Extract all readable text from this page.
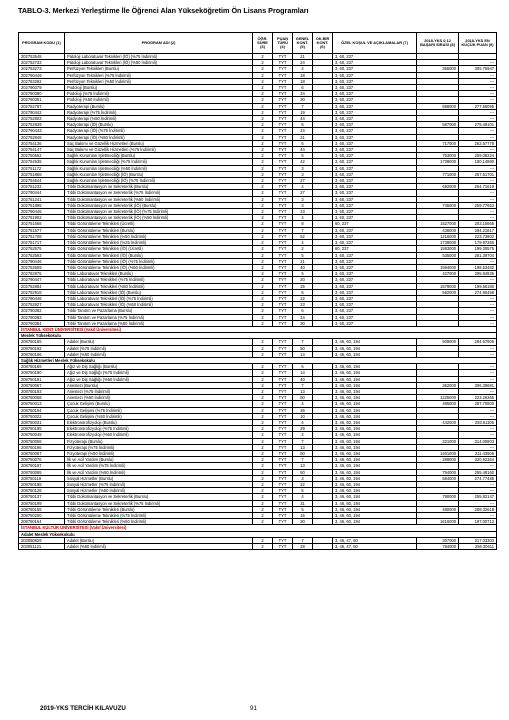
TABLO-3. Merkezi Yerleştirme İle Öğrenci Alan Yükseköğretim Ön Lisans Programları
PROGRAM KODU (1)	PROGRAM ADI (2)	ÖĞR. SÜRE (3)	PUAN TÜRÜ (4)	GENEL KONT. (5)	OK.BİR KONT. (6)	ÖZEL KOŞUL VE AÇIKLAMALAR (7)	2018-YKS 0,12 BAŞARI SIRASI (8)	2018-YKS EN KÜÇÜK PUAN (9)
202753548	Patoloji Laboratuvar Teknikleri (İÖ) (%75 İndirimli)	2	TYT	21		3, 60, 237		
202752733	Patoloji Laboratuvar Teknikleri (İÖ) (%50 İndirimli)	2	TYT	24		3, 60, 237		---
202753273	Perfüzyon Teknikleri (Burslu)	2	TYT	4		3, 60, 237	365000	305.75947
202790449	Perfüzyon Teknikleri (%75 İndirimli)	2	TYT	18		3, 60, 237		---
202753282	Perfüzyon Teknikleri (%50 İndirimli)	2	TYT	18		3, 60, 237		---
202790379	Podoloji (Burslu)	2	TYT	6		3, 60, 237		---
202790380	Podoloji (%75 İndirimli)	2	TYT	24		3, 60, 237		---
202790381	Podoloji (%50 İndirimli)	2	TYT	30		3, 60, 237		---
202752787	Radyoterapi (Burslu)	2	TYT	7		3, 60, 237	588000	277.58095
202790442	Radyoterapi (%75 İndirimli)	2	TYT	19		3, 60, 237		---
202752803	Radyoterapi (%50 İndirimli)	2	TYT	44		3, 60, 237		---
202752839	Radyoterapi (İÖ) (Burslu)	2	TYT	5		3, 60, 237	587000	275.49101
202790443	Radyoterapi (İÖ) (%75 İndirimli)	2	TYT	24		3, 60, 237		---
202752848	Radyoterapi (İÖ) (%50 İndirimli)	2	TYT	21		3, 60, 237		---
202754136	Saç Bakımı ve Güzellik Hizmetleri (Burslu)	2	TYT	5		3, 60, 237	717000	262.57778
202754147	Saç Bakımı ve Güzellik Hizmetleri (%75 İndirimli)	2	TYT	44		3, 60, 237		---
202750552	Sağlık Kurumları İşletmeciliği (Burslu)	2	TYT	5		3, 60, 237	753000	259.08224
202754535	Sağlık Kurumları İşletmeciliği (%75 İndirimli)	2	TYT	42		3, 60, 237	1739000	180.14890
202751172	Sağlık Kurumları İşletmeciliği (%50 İndirimli)	2	TYT	3		3, 60, 237		---
202751868	Sağlık Kurumları İşletmeciliği (İÖ) (Burslu)	2	TYT	3		3, 60, 237	771000	257.51701
202754544	Sağlık Kurumları İşletmeciliği (İÖ) (%75 İndirimli)	2	TYT	27		3, 60, 237		---
202751232	Tıbbi Dokümantasyon ve Sekreterlik (Burslu)	2	TYT	4		3, 60, 237	692000	264.71619
202790444	Tıbbi Dokümantasyon ve Sekreterlik (%75 İndirimli)	2	TYT	27		3, 60, 237		---
202751241	Tıbbi Dokümantasyon ve Sekreterlik (%50 İndirimli)	2	TYT	3		3, 60, 237		---
202751895	Tıbbi Dokümantasyon ve Sekreterlik (İÖ) (Burslu)	2	TYT	3		3, 60, 237	745000	259.77653
202790445	Tıbbi Dokümantasyon ve Sekreterlik (İÖ) (%75 İndirimli)	2	TYT	23		3, 60, 237		---
202751902	Tıbbi Dokümantasyon ve Sekreterlik (İÖ) (%50 İndirimli)	2	TYT	4		3, 60, 237		---
202751568	Tıbbi Görüntüleme Teknikleri (Ücretli)	2	TYT	8		60, 237	1527000	203.15665
202751577	Tıbbi Görüntüleme Teknikleri (Burslu)	2	TYT	7		3, 60, 237	438000	294.21817
202751708	Tıbbi Görüntüleme Teknikleri (%50 İndirimli)	2	TYT	52		3, 60, 237	1216000	223.73802
202751717	Tıbbi Görüntüleme Teknikleri (%25 İndirimli)	2	TYT	4		3, 60, 237	1739000	179.97366
202752575	Tıbbi Görüntüleme Teknikleri (İÖ) (Ücretli)	2	TYT	2		60, 237	1583000	199.30575
202752593	Tıbbi Görüntüleme Teknikleri (İÖ) (Burslu)	2	TYT	5		3, 60, 237	535000	281.39704
202790446	Tıbbi Görüntüleme Teknikleri (İÖ) (%75 İndirimli)	2	TYT	21		3, 60, 237		---
202752609	Tıbbi Görüntüleme Teknikleri (İÖ) (%50 İndirimli)	2	TYT	40		3, 60, 237	1594000	198.53482
202752875	Tıbbi Laboratuvar Teknikleri (Burslu)	2	TYT	5		3, 60, 237	427000	295.84836
202790447	Tıbbi Laboratuvar Teknikleri (%75 İndirimli)	2	TYT	20		3, 60, 237		---
202752884	Tıbbi Laboratuvar Teknikleri (%50 İndirimli)	2	TYT	25		3, 60, 237	1579000	199.58180
202752918	Tıbbi Laboratuvar Teknikleri (İÖ) (Burslu)	2	TYT	5		3, 60, 237	592000	274.90458
202790448	Tıbbi Laboratuvar Teknikleri (İÖ) (%75 İndirimli)	2	TYT	22		3, 60, 237		---
202752927	Tıbbi Laboratuvar Teknikleri (İÖ) (%50 İndirimli)	2	TYT	23		3, 60, 237		---
202790382	Tıbbi Tanıtım ve Pazarlama (Burslu)	2	TYT	6		3, 60, 237		---
202790383	Tıbbi Tanıtım ve Pazarlama (%75 İndirimli)	2	TYT	24		3, 60, 237		---
202790384	Tıbbi Tanıtım ve Pazarlama (%50 İndirimli)	2	TYT	30		3, 60, 237		---
İSTANBUL KENT ÜNİVERSİTESİ (Vakıf Üniversitesi)								
Meslek Yüksekokulu								
208750165	Adalet (Burslu)	2	TYT	7		3, 46, 60, 194	509000	284.67806
208750192	Adalet (%75 İndirimli)	2	TYT	50		3, 46, 60, 194		---
208750166	Adalet (%50 İndirimli)	2	TYT	14		3, 46, 60, 194		---
Sağlık Hizmetleri Meslek Yüksekokulu								
208750189	Ağız ve Diş Sağlığı (Burslu)	2	TYT	6		3, 46, 60, 194		---
208750190	Ağız ve Diş Sağlığı (%75 İndirimli)	2	TYT	14		3, 46, 60, 194		---
208750191	Ağız ve Diş Sağlığı (%50 İndirimli)	2	TYT	40		3, 46, 60, 194		---
208750067	Anestezi (Burslu)	2	TYT	7		3, 46, 60, 194	362000	306.39681
208750193	Anestezi (%75 İndirimli)	2	TYT	13		3, 46, 60, 194		---
208750068	Anestezi (%50 İndirimli)	2	TYT	50		3, 46, 60, 194	1225000	223.26365
208750013	Çocuk Gelişimi (Burslu)	2	TYT	4		3, 46, 60, 194	485000	287.70800
208750194	Çocuk Gelişimi (%75 İndirimli)	2	TYT	26		3, 46, 60, 194		---
208750022	Çocuk Gelişimi (%50 İndirimli)	2	TYT	10		3, 46, 60, 194		---
208750031	Elektronörofizyoloji (Burslu)	2	TYT	4		3, 46, 60, 194	442000	293.61106
208750195	Elektronörofizyoloji (%75 İndirimli)	2	TYT	29		3, 46, 60, 194		---
208750049	Elektronörofizyoloji (%50 İndirimli)	2	TYT	4		3, 46, 60, 194		---
208750058	Fizyoterapi (Burslu)	2	TYT	7		3, 46, 60, 194	321000	314.00803
208750196	Fizyoterapi (%75 İndirimli)	2	TYT	13		3, 46, 60, 194		---
208750067	Fizyoterapi (%50 İndirimli)	2	TYT	50		3, 46, 60, 194	1401000	211.43506
208750076	İlk ve Acil Yardım (Burslu)	2	TYT	7		3, 46, 60, 194	289000	320.92364
208750197	İlk ve Acil Yardım (%75 İndirimli)	2	TYT	13		3, 46, 60, 194		---
208750085	İlk ve Acil Yardım (%50 İndirimli)	2	TYT	50		3, 46, 60, 194	794000	255.48160
208750119	Sosyal Hizmetler (Burslu)	2	TYT	3		3, 46, 60, 194	584000	274.77485
208750198	Sosyal Hizmetler (%75 İndirimli)	2	TYT	22		3, 46, 60, 194		---
208750128	Sosyal Hizmetler (%50 İndirimli)	2	TYT	5		3, 46, 60, 194		---
208750137	Tıbbi Dokümantasyon ve Sekreterlik (Burslu)	2	TYT	4		3, 46, 60, 194	790000	255.82147
208750199	Tıbbi Dokümantasyon ve Sekreterlik (%75 İndirimli)	2	TYT	31		3, 46, 60, 194		---
208750155	Tıbbi Görüntüleme Teknikleri (Burslu)	2	TYT	5		3, 46, 60, 194	480000	288.32618
208750200	Tıbbi Görüntüleme Teknikleri (%75 İndirimli)	2	TYT	15		3, 46, 60, 194		---
208750164	Tıbbi Görüntüleme Teknikleri (%50 İndirimli)	2	TYT	30		3, 46, 60, 194	1616000	197.00712
İSTANBUL KÜLTÜR ÜNİVERSİTESİ (Vakıf Üniversitesi)								
Adalet Meslek Yüksekokulu								
203050829	Adalet (Burslu)	2	TYT	7		3, 46, 47, 60	307000	317.03303
203051121	Adalet (%50 İndirimli)	2	TYT	28		3, 46, 47, 60	784000	256.30611
2019-YKS TERCİH KILAVUZU	91
